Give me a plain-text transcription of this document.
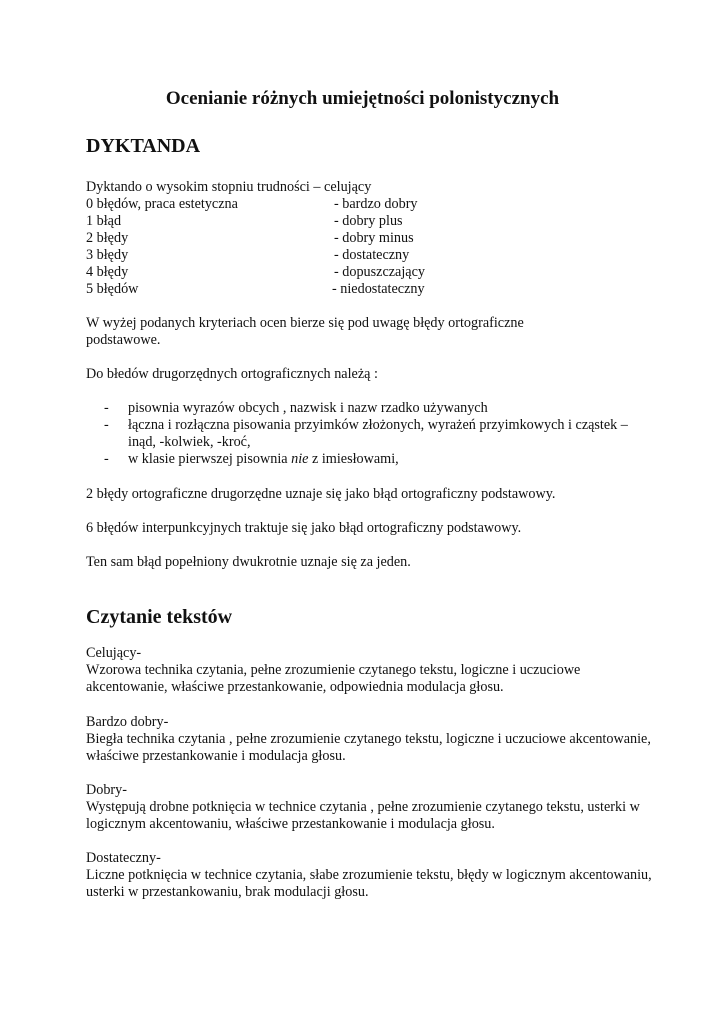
Ocenianie różnych umiejętności polonistycznych
DYKTANDA
Dyktando o wysokim stopniu trudności – celujący
0 błędów, praca estetyczna	- bardzo dobry
1 błąd	- dobry plus
2 błędy	- dobry minus
3 błędy	- dostateczny
4 błędy	- dopuszczający
5 błędów	- niedostateczny
W wyżej podanych kryteriach ocen bierze się pod uwagę błędy ortograficzne podstawowe.
Do błedów drugorzędnych ortograficznych należą :
- pisownia wyrazów obcych , nazwisk i nazw rzadko używanych
- łączna i rozłączna pisowania przyimków złożonych, wyrażeń przyimkowych i cząstek –inąd, -kolwiek, -kroć,
- w klasie pierwszej pisownia nie z imiesłowami,
2 błędy ortograficzne drugorzędne uznaje się jako błąd ortograficzny podstawowy.
6 błędów interpunkcyjnych traktuje się jako błąd ortograficzny podstawowy.
Ten sam błąd popełniony dwukrotnie uznaje się za jeden.
Czytanie tekstów
Celujący-
Wzorowa technika czytania, pełne zrozumienie czytanego tekstu, logiczne i uczuciowe akcentowanie, właściwe przestankowanie, odpowiednia modulacja głosu.
Bardzo dobry-
Biegła technika czytania , pełne zrozumienie czytanego tekstu, logiczne i uczuciowe akcentowanie, właściwe przestankowanie i modulacja głosu.
Dobry-
Występują drobne potknięcia w technice czytania , pełne zrozumienie czytanego tekstu, usterki w logicznym akcentowaniu, właściwe przestankowanie i modulacja głosu.
Dostateczny-
Liczne potknięcia w technice czytania, słabe zrozumienie tekstu, błędy w logicznym akcentowaniu, usterki w przestankowaniu, brak modulacji głosu.
